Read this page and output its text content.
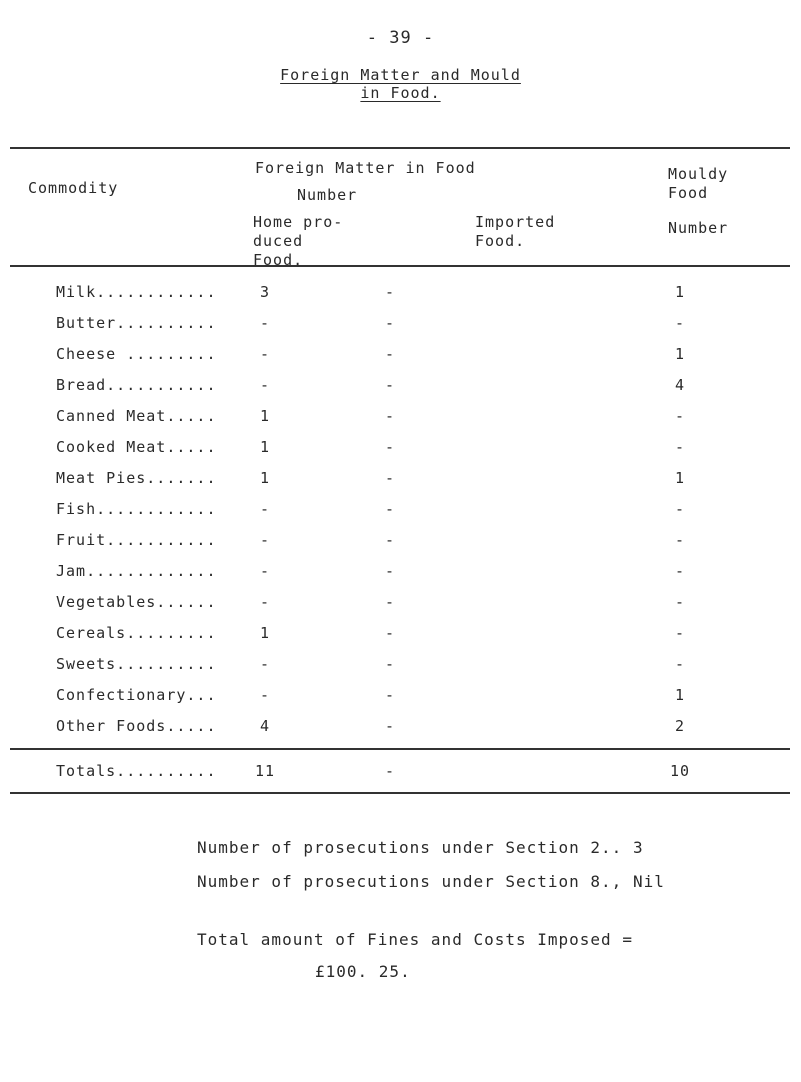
- 39 -
Foreign Matter and Mould
in Food.
Commodity
Foreign Matter in Food
Number
Home pro- duced Food.
Imported Food.
Mouldy Food
Number
Milk............	3	-	1
Butter..........	-	-	-
Cheese .........	-	-	1
Bread...........	-	-	4
Canned Meat.....	1	-	-
Cooked Meat.....	1	-	-
Meat Pies.......	1	-	1
Fish............	-	-	-
Fruit...........	-	-	-
Jam.............	-	-	-
Vegetables......	-	-	-
Cereals.........	1	-	-
Sweets..........	-	-	-
Confectionary...	-	-	1
Other Foods.....	4	-	2
Totals..........	11	-	10
Number of prosecutions under Section 2.. 3
Number of prosecutions under Section 8., Nil
Total amount of Fines and Costs Imposed =
£100. 25.
